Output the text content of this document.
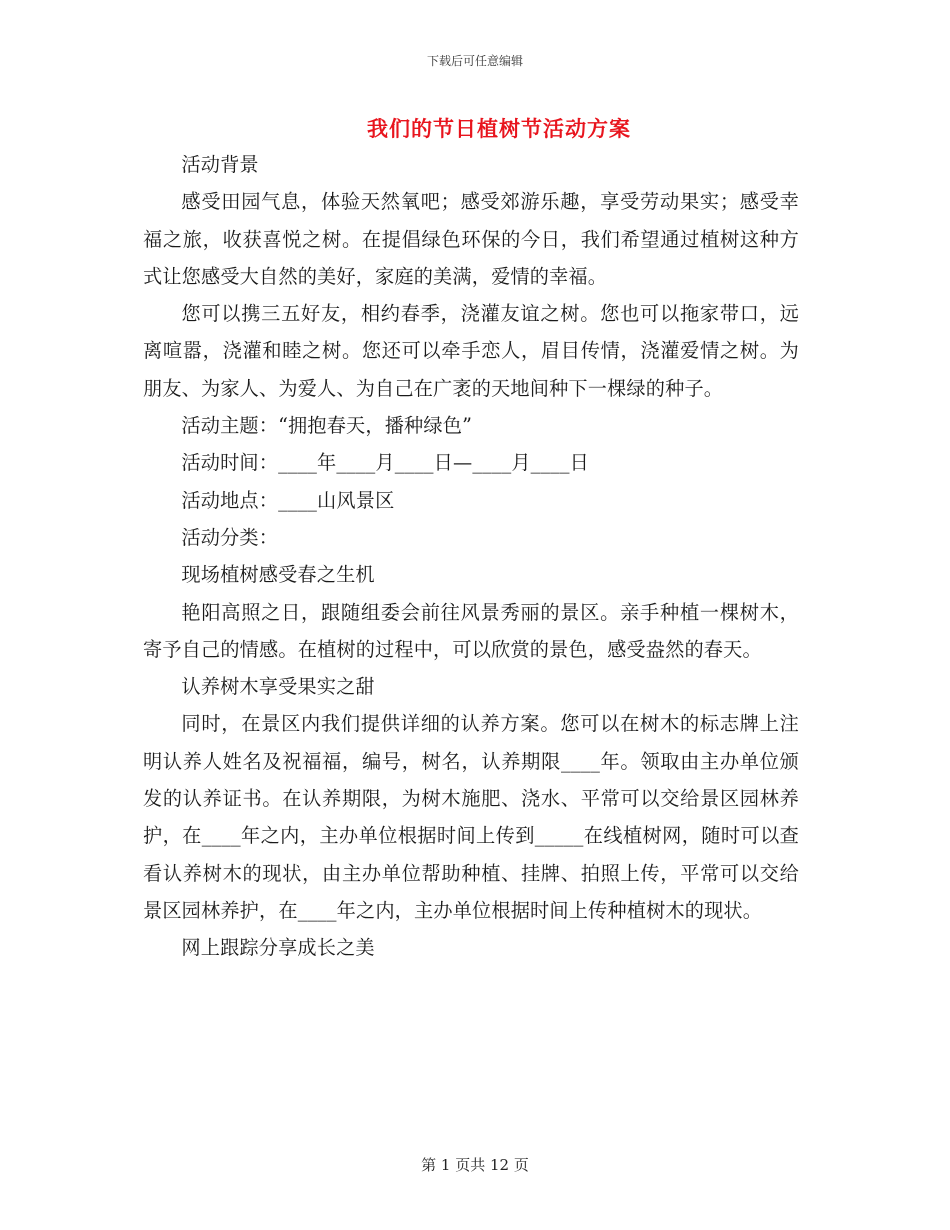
下载后可任意编辑
我们的节日植树节活动方案

活动背景

感受田园气息，体验天然氧吧；感受郊游乐趣，享受劳动果实；感受幸福之旅，收获喜悦之树。在提倡绿色环保的今日，我们希望通过植树这种方式让您感受大自然的美好，家庭的美满，爱情的幸福。

您可以携三五好友，相约春季，浇灌友谊之树。您也可以拖家带口，远离喧嚣，浇灌和睦之树。您还可以牵手恋人，眉目传情，浇灌爱情之树。为朋友、为家人、为爱人、为自己在广袤的天地间种下一棵绿的种子。

活动主题：“拥抱春天，播种绿色”

活动时间：____年____月____日—____月____日

活动地点：____山风景区

活动分类：

现场植树感受春之生机

艳阳高照之日，跟随组委会前往风景秀丽的景区。亲手种植一棵树木，寄予自己的情感。在植树的过程中，可以欣赏的景色，感受盎然的春天。

认养树木享受果实之甜

同时，在景区内我们提供详细的认养方案。您可以在树木的标志牌上注明认养人姓名及祝福福，编号，树名，认养期限____年。领取由主办单位颁发的认养证书。在认养期限，为树木施肥、浇水、平常可以交给景区园林养护，在____年之内，主办单位根据时间上传到_____在线植树网，随时可以查看认养树木的现状，由主办单位帮助种植、挂牌、拍照上传，平常可以交给景区园林养护，在____年之内，主办单位根据时间上传种植树木的现状。

网上跟踪分享成长之美

第 1 页共 12 页
